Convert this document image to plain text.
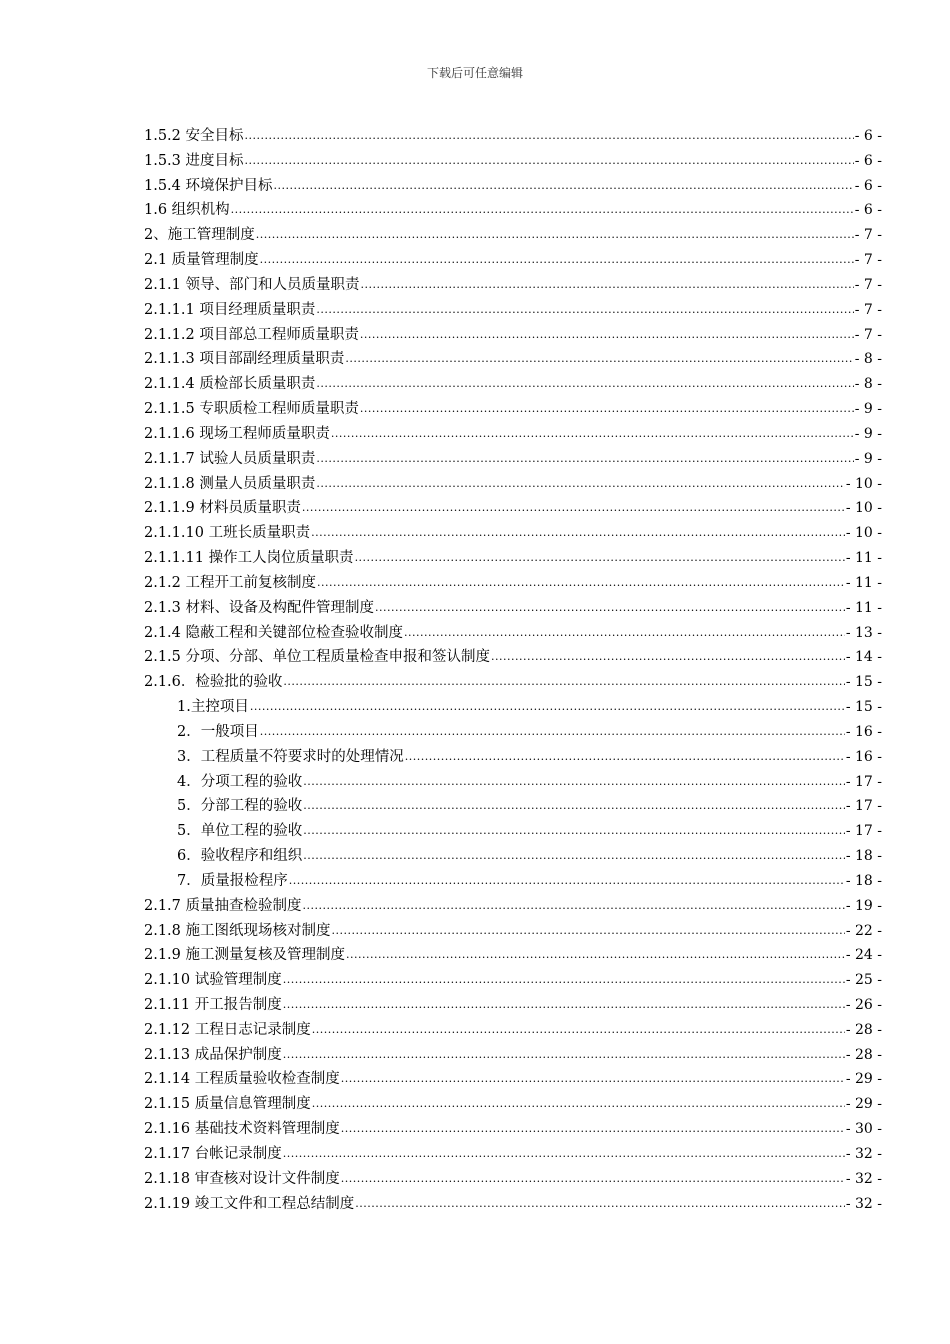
下载后可任意编辑
1.5.2 安全目标 .....	- 6 -
1.5.3 进度目标 .....	- 6 -
1.5.4 环境保护目标 .....	- 6 -
1.6 组织机构 .....	- 6 -
2、施工管理制度 .....	- 7 -
2.1 质量管理制度 .....	- 7 -
2.1.1 领导、部门和人员质量职责 .....	- 7 -
2.1.1.1 项目经理质量职责 .....	- 7 -
2.1.1.2 项目部总工程师质量职责 .....	- 7 -
2.1.1.3 项目部副经理质量职责 .....	- 8 -
2.1.1.4 质检部长质量职责 .....	- 8 -
2.1.1.5 专职质检工程师质量职责 .....	- 9 -
2.1.1.6 现场工程师质量职责 .....	- 9 -
2.1.1.7 试验人员质量职责 .....	- 9 -
2.1.1.8 测量人员质量职责 .....	- 10 -
2.1.1.9 材料员质量职责 .....	- 10 -
2.1.1.10 工班长质量职责 .....	- 10 -
2.1.1.11 操作工人岗位质量职责 .....	- 11 -
2.1.2 工程开工前复核制度 .....	- 11 -
2.1.3 材料、设备及构配件管理制度 .....	- 11 -
2.1.4 隐蔽工程和关键部位检查验收制度 .....	- 13 -
2.1.5 分项、分部、单位工程质量检查申报和签认制度 .....	- 14 -
2.1.6．检验批的验收 .....	- 15 -
1.主控项目 .....	- 15 -
2．一般项目 .....	- 16 -
3．工程质量不符要求时的处理情况 .....	- 16 -
4．分项工程的验收 .....	- 17 -
5．分部工程的验收 .....	- 17 -
5．单位工程的验收 .....	- 17 -
6．验收程序和组织 .....	- 18 -
7．质量报检程序 .....	- 18 -
2.1.7 质量抽查检验制度 .....	- 19 -
2.1.8 施工图纸现场核对制度 .....	- 22 -
2.1.9 施工测量复核及管理制度 .....	- 24 -
2.1.10 试验管理制度 .....	- 25 -
2.1.11 开工报告制度 .....	- 26 -
2.1.12 工程日志记录制度 .....	- 28 -
2.1.13 成品保护制度 .....	- 28 -
2.1.14 工程质量验收检查制度 .....	- 29 -
2.1.15 质量信息管理制度 .....	- 29 -
2.1.16 基础技术资料管理制度 .....	- 30 -
2.1.17 台帐记录制度 .....	- 32 -
2.1.18 审查核对设计文件制度 .....	- 32 -
2.1.19 竣工文件和工程总结制度 .....	- 32 -
